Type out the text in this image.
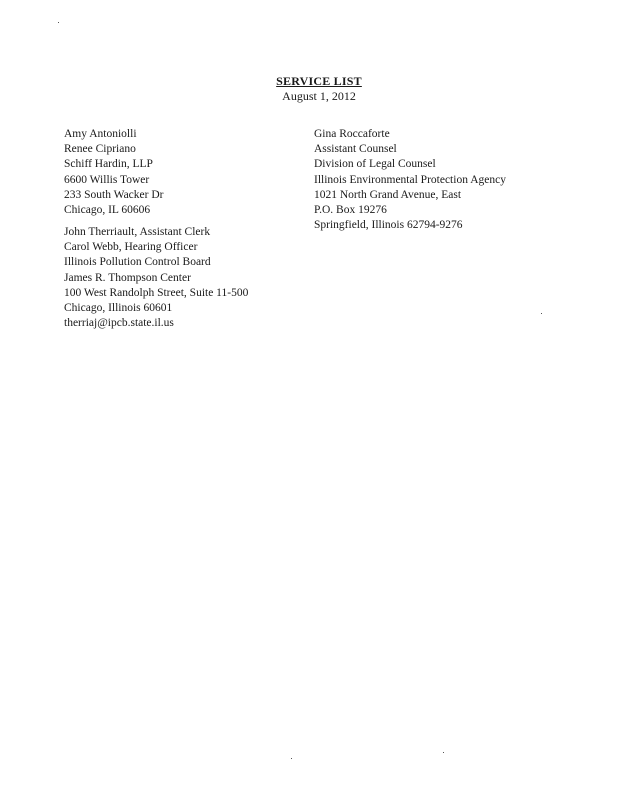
SERVICE LIST
August 1, 2012
Amy Antoniolli
Renee Cipriano
Schiff Hardin, LLP
6600 Willis Tower
233 South Wacker Dr
Chicago, IL 60606
John Therriault, Assistant Clerk
Carol Webb, Hearing Officer
Illinois Pollution Control Board
James R. Thompson Center
100 West Randolph Street, Suite 11-500
Chicago, Illinois 60601
therriaj@ipcb.state.il.us
Gina Roccaforte
Assistant Counsel
Division of Legal Counsel
Illinois Environmental Protection Agency
1021 North Grand Avenue, East
P.O. Box 19276
Springfield, Illinois 62794-9276
